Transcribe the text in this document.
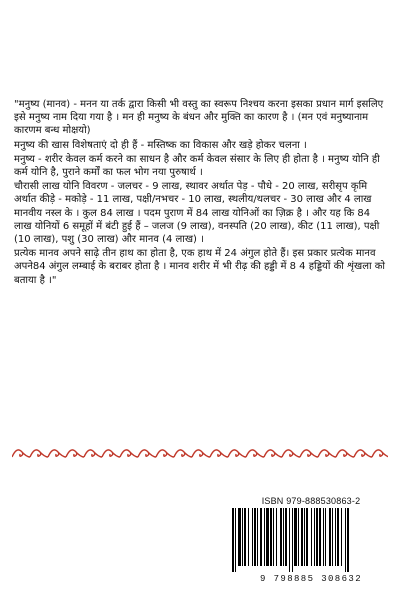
"मनुष्य (मानव) - मनन या तर्क द्वारा किसी भी वस्तु का स्वरूप निश्चय करना इसका प्रधान मार्ग इसलिए इसे मनुष्य नाम दिया गया है । मन ही मनुष्य के बंधन और मुक्ति का कारण है । (मन एवं मनुष्यानाम कारणम बन्ध मोक्षयो)

मनुष्य की खास विशेषताएं दो ही हैं - मस्तिष्क का विकास और खड़े होकर चलना ।

मनुष्य - शरीर केवल कर्म करने का साधन है और कर्म केवल संसार के लिए ही होता है । मनुष्य योनि ही कर्म योनि है, पुराने कर्मों का फल भोग नया पुरुषार्थ ।

चौरासी लाख योनि विवरण - जलचर - 9 लाख, स्थावर अर्थात पेड़ - पौधे - 20 लाख, सरीसृप कृमि अर्थात कीड़े - मकोड़े - 11 लाख, पक्षी/नभचर - 10 लाख, स्थलीय/थलचर - 30 लाख और 4 लाख मानवीय नस्ल के । कुल 84 लाख । पदम पुराण में 84 लाख योनिओं का ज़िक्र है । और यह कि 84 लाख योनियों 6 समूहों में बंटी हुई हैं – जलज (9 लाख), वनस्पति (20 लाख), कीट (11 लाख), पक्षी (10 लाख), पशु (30 लाख) और मानव (4 लाख) ।

प्रत्येक मानव अपने साढ़े तीन हाथ का होता है, एक हाथ में 24 अंगुल होते हैं। इस प्रकार प्रत्येक मानव अपने84 अंगुल लम्बाई के बराबर होता है । मानव शरीर में भी रीढ़ की हड्डी में 8 4 हड्डियों की शृंखला को बताया है ।"

ISBN 979-888530863-2
9 798885 308632
